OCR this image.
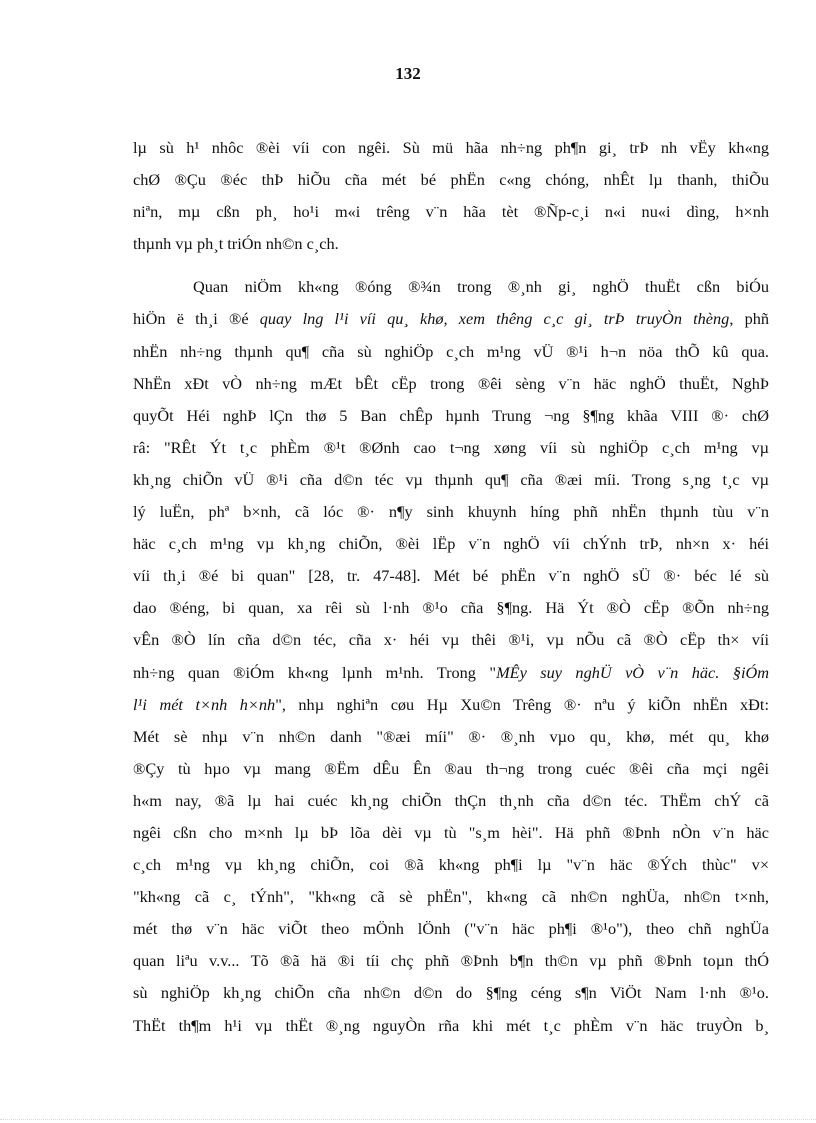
132

lµ sù h¹ nhôc ®èi víi con ngêi. Sù mü hãa nh÷ng ph¶n gi¸ trÞ nh vËy kh«ng
chØ ®Çu ®éc thÞ hiÕu cña mét bé phËn c«ng chóng, nhÊt lµ thanh, thiÕu
niªn, mµ cßn ph¸ ho¹i m«i trêng v¨n hãa tèt ®Ñp-c¸i n«i nu«i dìng, h×nh
thµnh vµ ph¸t triÓn nh©n c¸ch.

Quan niÖm kh«ng ®óng ®¾n trong ®¸nh gi¸ nghÖ thuËt cßn biÓu
hiÖn ë th¸i ®é quay lng l¹i víi qu¸ khø, xem thêng c¸c gi¸ trÞ truyÒn thèng, phñ
nhËn nh÷ng thµnh qu¶ cña sù nghiÖp c¸ch m¹ng vÜ ®¹i h¬n nöa thÕ kû qua.
NhËn xÐt vÒ nh÷ng mÆt bÊt cËp trong ®êi sèng v¨n häc nghÖ thuËt, NghÞ
quyÕt Héi nghÞ lÇn thø 5 Ban chÊp hµnh Trung ¬ng §¶ng khãa VIII ®· chØ
râ: "RÊt Ýt t¸c phÈm ®¹t ®Ønh cao t¬ng xøng víi sù nghiÖp c¸ch m¹ng vµ
kh¸ng chiÕn vÜ ®¹i cña d©n téc vµ thµnh qu¶ cña ®æi míi. Trong s¸ng t¸c vµ
lý luËn, phª b×nh, cã lóc ®· n¶y sinh khuynh híng phñ nhËn thµnh tùu v¨n
häc c¸ch m¹ng vµ kh¸ng chiÕn, ®èi lËp v¨n nghÖ víi chÝnh trÞ, nh×n x· héi
víi th¸i ®é bi quan" [28, tr. 47-48]. Mét bé phËn v¨n nghÖ sÜ ®· béc lé sù
dao ®éng, bi quan, xa rêi sù l·nh ®¹o cña §¶ng. Hä Ýt ®Ò cËp ®Õn nh÷ng
vÊn ®Ò lín cña d©n téc, cña x· héi vµ thêi ®¹i, vµ nÕu cã ®Ò cËp th× víi
nh÷ng quan ®iÓm kh«ng lµnh m¹nh. Trong "MÊy suy nghÜ vÒ v¨n häc. §iÓm
l¹i mét t×nh h×nh", nhµ nghiªn cøu Hµ Xu©n Trêng ®· nªu ý kiÕn nhËn xÐt:
Mét sè nhµ v¨n nh©n danh "®æi míi" ®· ®¸nh vµo qu¸ khø, mét qu¸ khø
®Çy tù hµo vµ mang ®Ëm dÊu Ên ®au th¬ng trong cuéc ®êi cña mçi ngêi
h«m nay, ®ã lµ hai cuéc kh¸ng chiÕn thÇn th¸nh cña d©n téc. ThËm chÝ cã
ngêi cßn cho m×nh lµ bÞ lõa dèi vµ tù "s¸m hèi". Hä phñ ®Þnh nÒn v¨n häc
c¸ch m¹ng vµ kh¸ng chiÕn, coi ®ã kh«ng ph¶i lµ "v¨n häc ®Ých thùc" v×
"kh«ng cã c¸ tÝnh", "kh«ng cã sè phËn", kh«ng cã nh©n nghÜa, nh©n t×nh,
mét thø v¨n häc viÕt theo mÖnh lÖnh ("v¨n häc ph¶i ®¹o"), theo chñ nghÜa
quan liªu v.v... Tõ ®ã hä ®i tíi chç phñ ®Þnh b¶n th©n vµ phñ ®Þnh toµn thÓ
sù nghiÖp kh¸ng chiÕn cña nh©n d©n do §¶ng céng s¶n ViÖt Nam l·nh ®¹o.
ThËt th¶m h¹i vµ thËt ®¸ng nguyÒn rña khi mét t¸c phÈm v¨n häc truyÒn b¸
